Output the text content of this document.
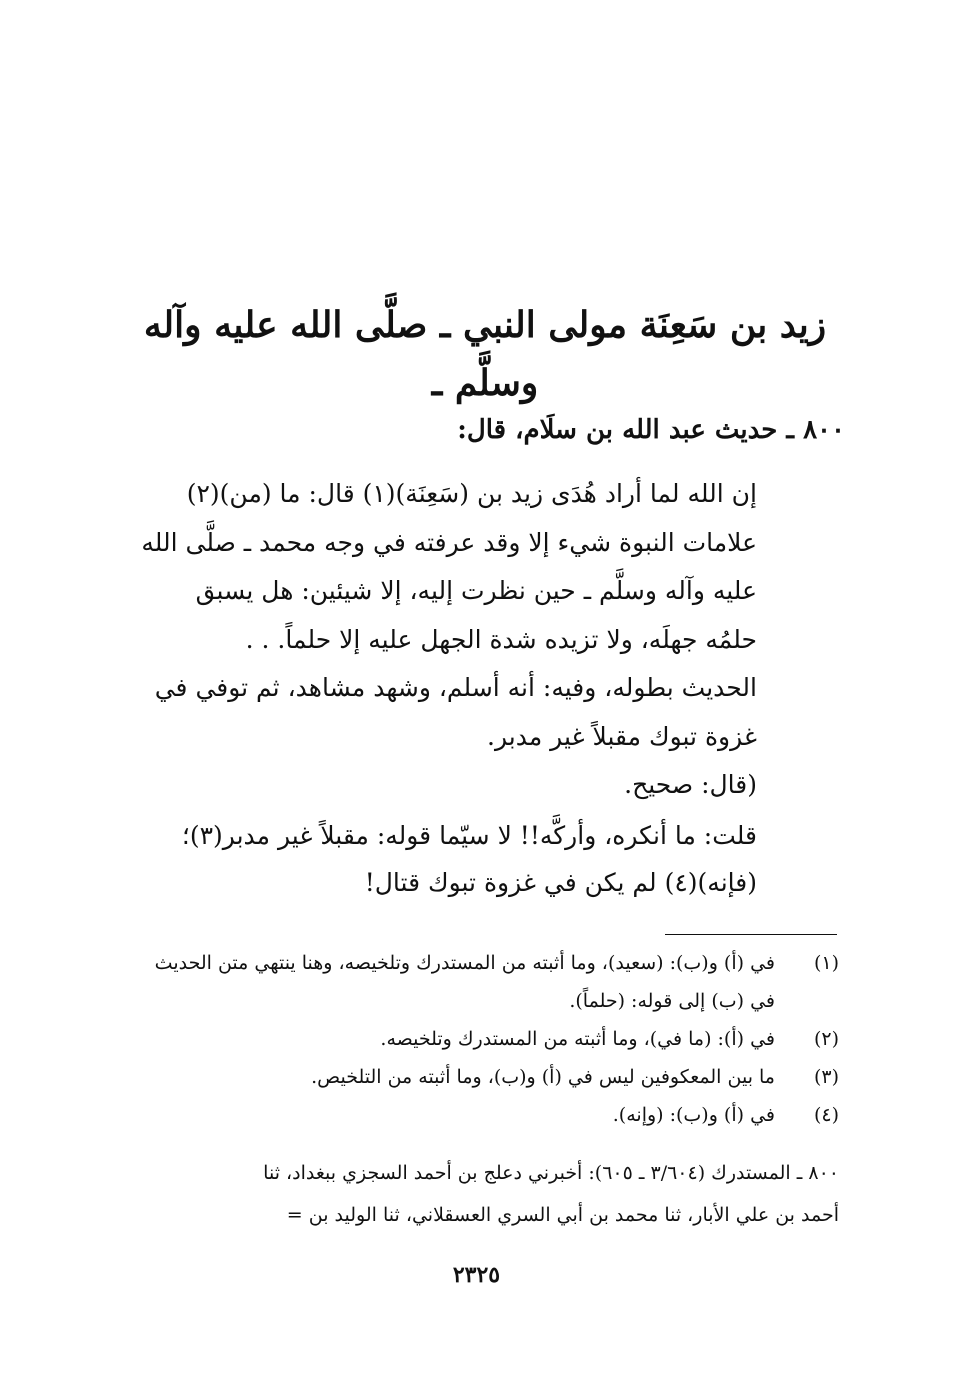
زيد بن سَعِنَة مولى النبي ـ صلَّى الله عليه وآله
وسلَّم ـ
٨٠٠ ـ حديث عبد الله بن سلَام، قال:

إن الله لما أراد هُدَى زيد بن (سَعِنَة)(١) قال: ما (من)(٢)

علامات النبوة شيء إلا وقد عرفته في وجه محمد ـ صلَّى الله

عليه وآله وسلَّم ـ حين نظرت إليه، إلا شيئين: هل يسبق

حلمُه جهلَه، ولا تزيده شدة الجهل عليه إلا حلماً. . .

الحديث بطوله، وفيه: أنه أسلم، وشهد مشاهد، ثم توفي في

غزوة تبوك مقبلاً غير مدبر.

(قال: صحيح.

قلت: ما أنكره، وأركَّه!! لا سيّما قوله: مقبلاً غير مدبر(٣)؛

(فإنه)(٤) لم يكن في غزوة تبوك قتال!

(١)
في (أ) و(ب): (سعيد)، وما أثبته من المستدرك وتلخيصه، وهنا ينتهي متن الحديث في (ب) إلى قوله: (حلماً).
(٢)
في (أ): (ما في)، وما أثبته من المستدرك وتلخيصه.
(٣)
ما بين المعكوفين ليس في (أ) و(ب)، وما أثبته من التلخيص.
(٤)
في (أ) و(ب): (وإنه).
٨٠٠ ـ المستدرك (٣/٦٠٤ ـ ٦٠٥): أخبرني دعلج بن أحمد السجزي ببغداد، ثنا
أحمد بن علي الأبار، ثنا محمد بن أبي السري العسقلاني، ثنا الوليد بن =
٢٣٢٥
